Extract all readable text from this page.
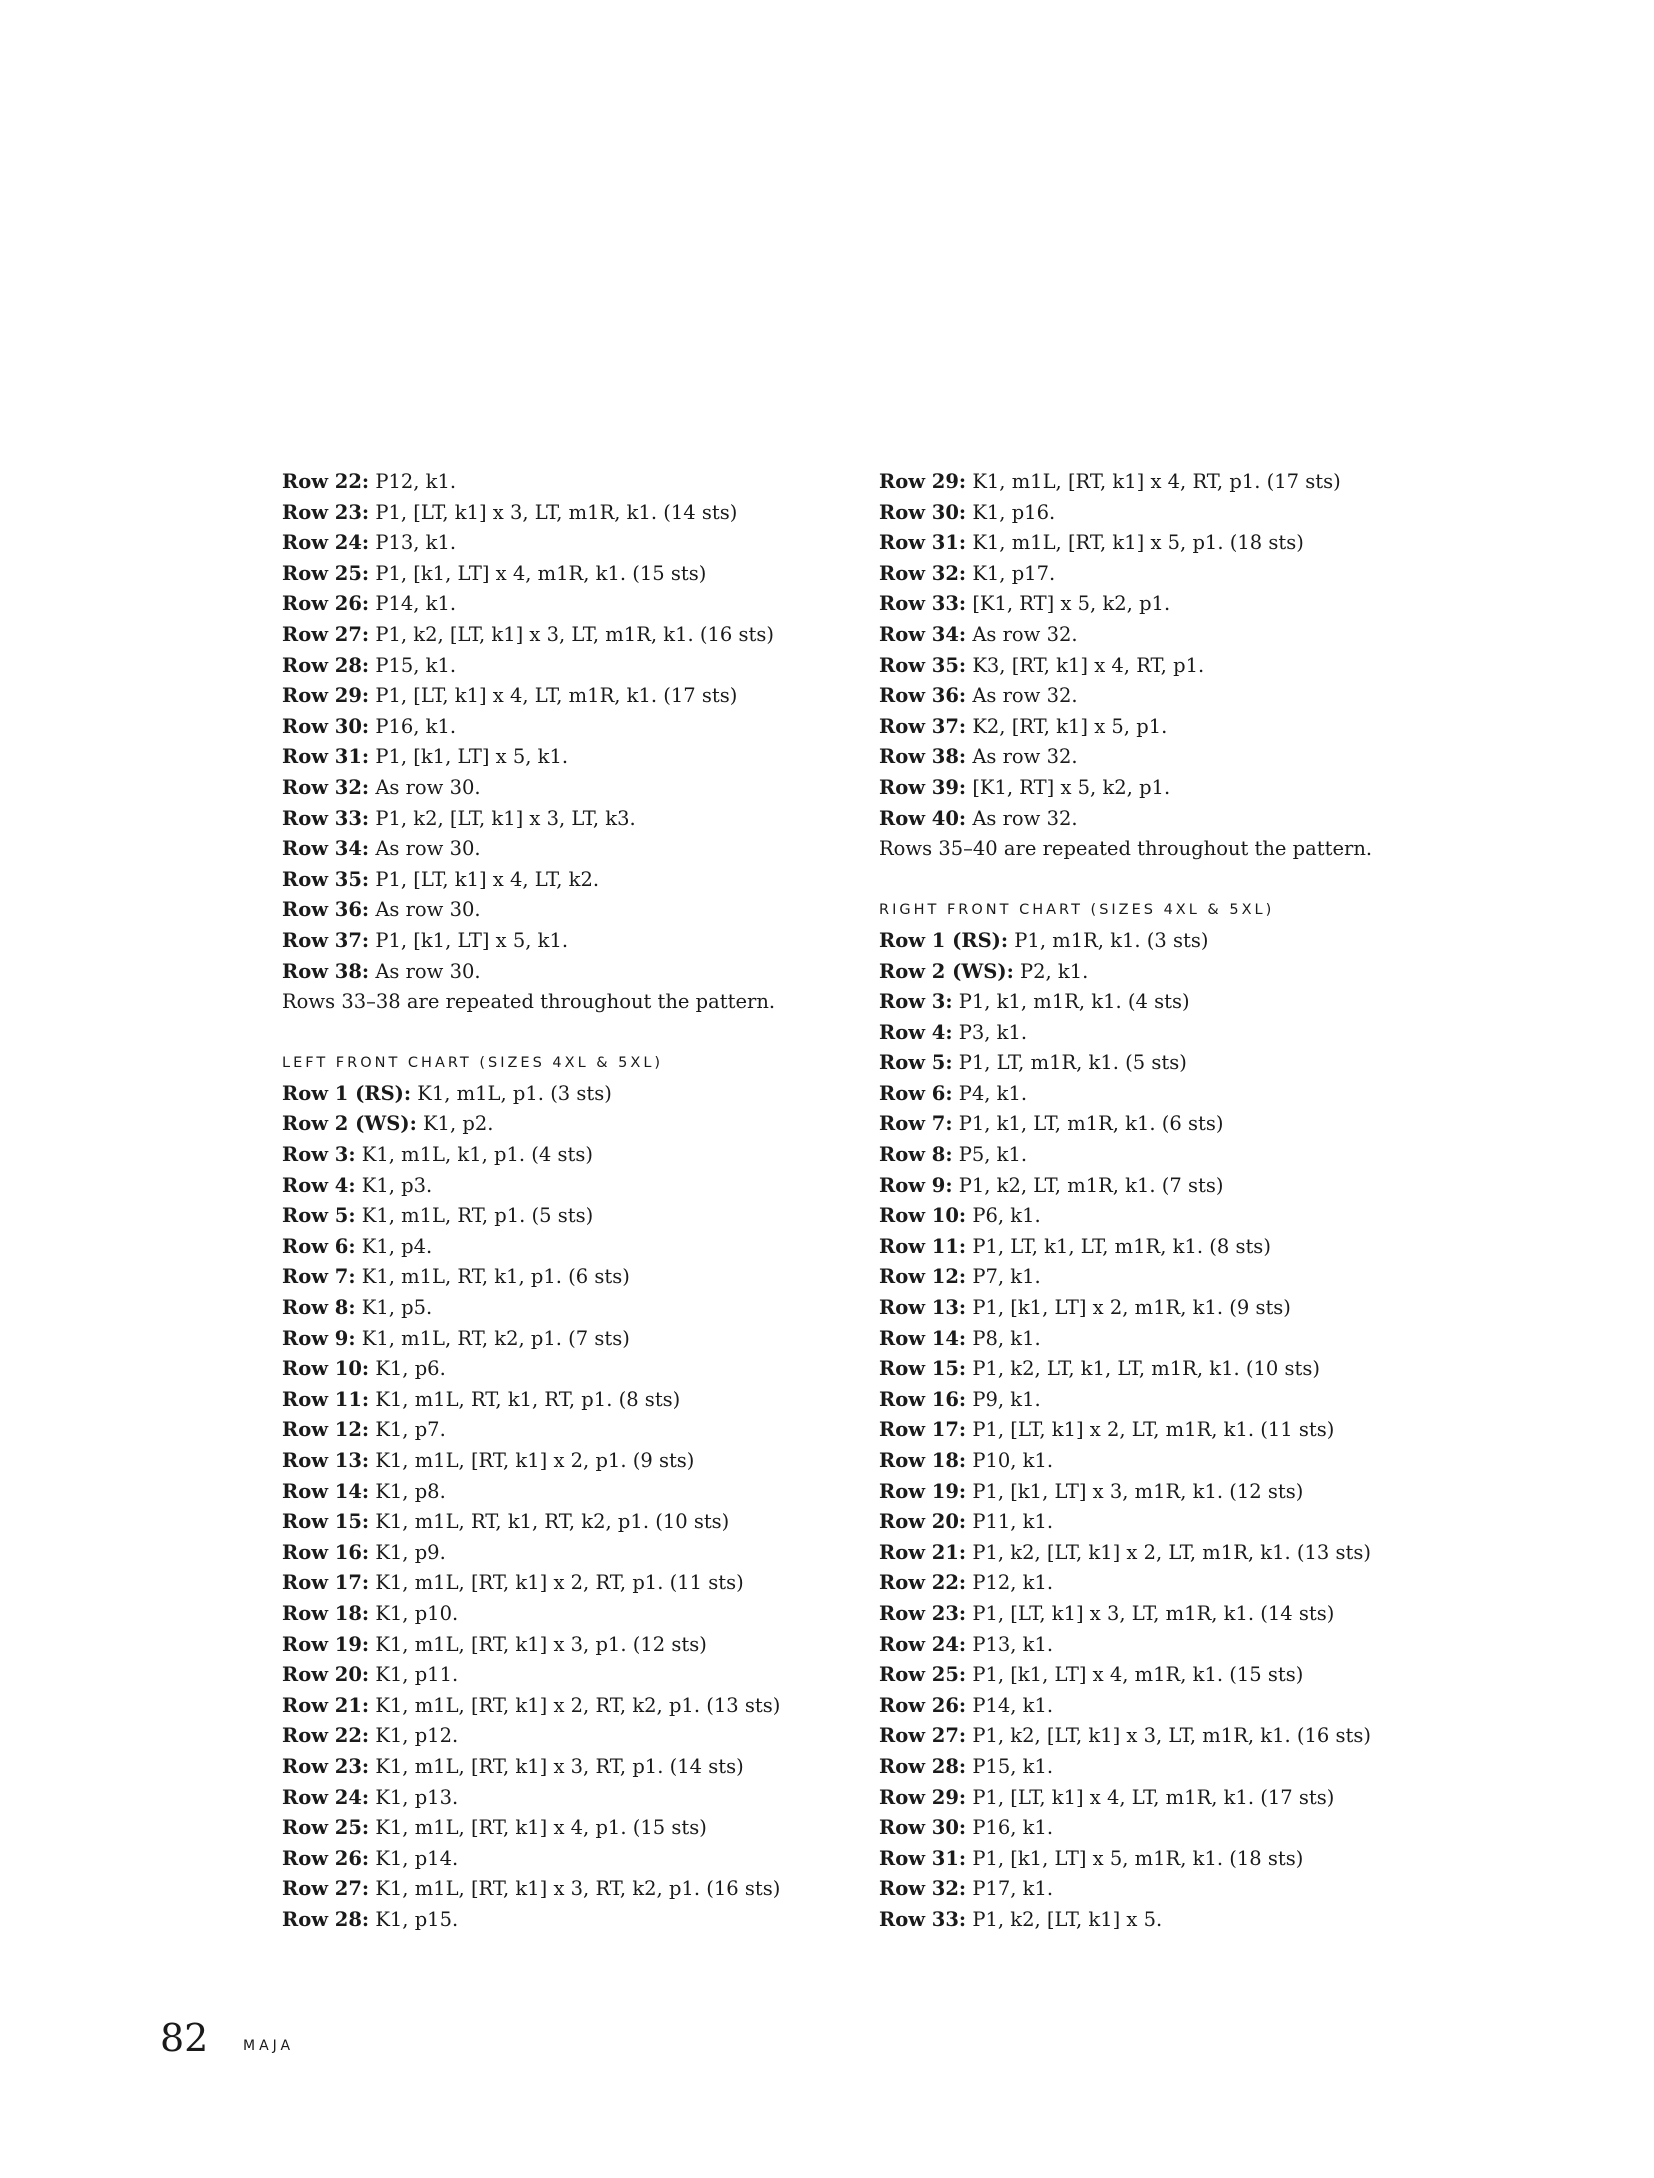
Row 22: P12, k1.
Row 23: P1, [LT, k1] x 3, LT, m1R, k1. (14 sts)
Row 24: P13, k1.
Row 25: P1, [k1, LT] x 4, m1R, k1. (15 sts)
Row 26: P14, k1.
Row 27: P1, k2, [LT, k1] x 3, LT, m1R, k1. (16 sts)
Row 28: P15, k1.
Row 29: P1, [LT, k1] x 4, LT, m1R, k1. (17 sts)
Row 30: P16, k1.
Row 31: P1, [k1, LT] x 5, k1.
Row 32: As row 30.
Row 33: P1, k2, [LT, k1] x 3, LT, k3.
Row 34: As row 30.
Row 35: P1, [LT, k1] x 4, LT, k2.
Row 36: As row 30.
Row 37: P1, [k1, LT] x 5, k1.
Row 38: As row 30.
Rows 33–38 are repeated throughout the pattern.
LEFT FRONT CHART (SIZES 4XL & 5XL)
Row 1 (RS): K1, m1L, p1. (3 sts)
Row 2 (WS): K1, p2.
Row 3: K1, m1L, k1, p1. (4 sts)
Row 4: K1, p3.
Row 5: K1, m1L, RT, p1. (5 sts)
Row 6: K1, p4.
Row 7: K1, m1L, RT, k1, p1. (6 sts)
Row 8: K1, p5.
Row 9: K1, m1L, RT, k2, p1. (7 sts)
Row 10: K1, p6.
Row 11: K1, m1L, RT, k1, RT, p1. (8 sts)
Row 12: K1, p7.
Row 13: K1, m1L, [RT, k1] x 2, p1. (9 sts)
Row 14: K1, p8.
Row 15: K1, m1L, RT, k1, RT, k2, p1. (10 sts)
Row 16: K1, p9.
Row 17: K1, m1L, [RT, k1] x 2, RT, p1. (11 sts)
Row 18: K1, p10.
Row 19: K1, m1L, [RT, k1] x 3, p1. (12 sts)
Row 20: K1, p11.
Row 21: K1, m1L, [RT, k1] x 2, RT, k2, p1. (13 sts)
Row 22: K1, p12.
Row 23: K1, m1L, [RT, k1] x 3, RT, p1. (14 sts)
Row 24: K1, p13.
Row 25: K1, m1L, [RT, k1] x 4, p1. (15 sts)
Row 26: K1, p14.
Row 27: K1, m1L, [RT, k1] x 3, RT, k2, p1. (16 sts)
Row 28: K1, p15.
Row 29: K1, m1L, [RT, k1] x 4, RT, p1. (17 sts)
Row 30: K1, p16.
Row 31: K1, m1L, [RT, k1] x 5, p1. (18 sts)
Row 32: K1, p17.
Row 33: [K1, RT] x 5, k2, p1.
Row 34: As row 32.
Row 35: K3, [RT, k1] x 4, RT, p1.
Row 36: As row 32.
Row 37: K2, [RT, k1] x 5, p1.
Row 38: As row 32.
Row 39: [K1, RT] x 5, k2, p1.
Row 40: As row 32.
Rows 35–40 are repeated throughout the pattern.
RIGHT FRONT CHART (SIZES 4XL & 5XL)
Row 1 (RS): P1, m1R, k1. (3 sts)
Row 2 (WS): P2, k1.
Row 3: P1, k1, m1R, k1. (4 sts)
Row 4: P3, k1.
Row 5: P1, LT, m1R, k1. (5 sts)
Row 6: P4, k1.
Row 7: P1, k1, LT, m1R, k1. (6 sts)
Row 8: P5, k1.
Row 9: P1, k2, LT, m1R, k1. (7 sts)
Row 10: P6, k1.
Row 11: P1, LT, k1, LT, m1R, k1. (8 sts)
Row 12: P7, k1.
Row 13: P1, [k1, LT] x 2, m1R, k1. (9 sts)
Row 14: P8, k1.
Row 15: P1, k2, LT, k1, LT, m1R, k1. (10 sts)
Row 16: P9, k1.
Row 17: P1, [LT, k1] x 2, LT, m1R, k1. (11 sts)
Row 18: P10, k1.
Row 19: P1, [k1, LT] x 3, m1R, k1. (12 sts)
Row 20: P11, k1.
Row 21: P1, k2, [LT, k1] x 2, LT, m1R, k1. (13 sts)
Row 22: P12, k1.
Row 23: P1, [LT, k1] x 3, LT, m1R, k1. (14 sts)
Row 24: P13, k1.
Row 25: P1, [k1, LT] x 4, m1R, k1. (15 sts)
Row 26: P14, k1.
Row 27: P1, k2, [LT, k1] x 3, LT, m1R, k1. (16 sts)
Row 28: P15, k1.
Row 29: P1, [LT, k1] x 4, LT, m1R, k1. (17 sts)
Row 30: P16, k1.
Row 31: P1, [k1, LT] x 5, m1R, k1. (18 sts)
Row 32: P17, k1.
Row 33: P1, k2, [LT, k1] x 5.
82 MAJA
